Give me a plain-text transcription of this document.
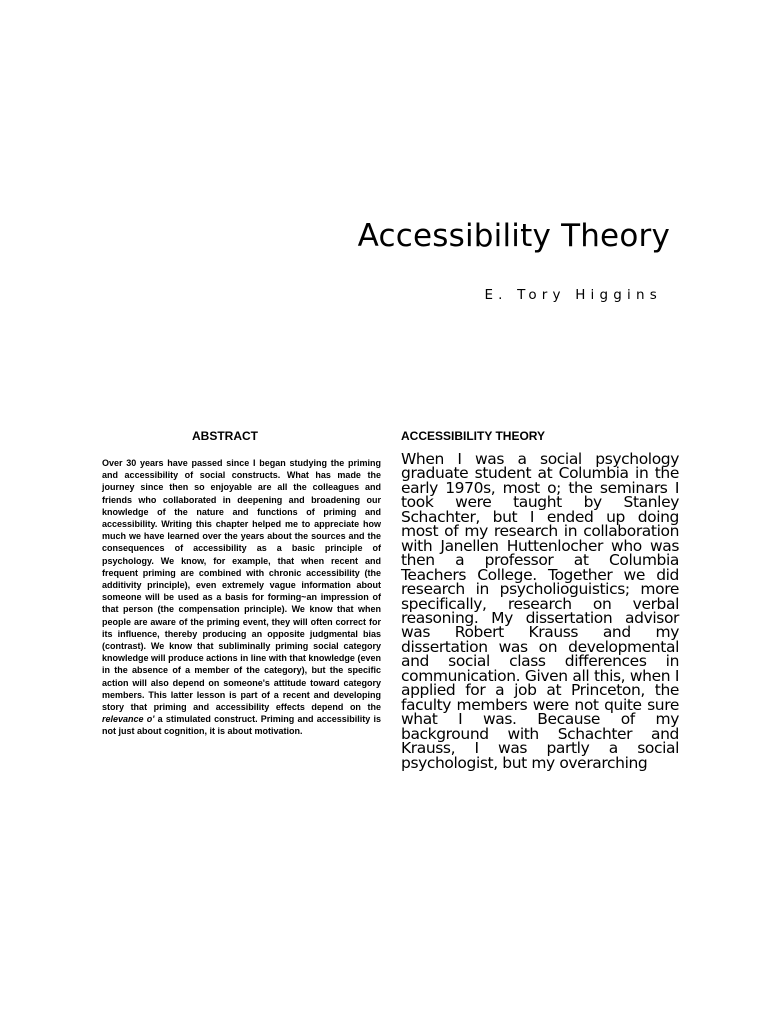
Accessibility Theory
E. Tory Higgins
ABSTRACT

Over 30 years have passed since I began studying the priming and accessibility of social constructs. What has made the journey since then so enjoyable are all the colleagues and friends who collaborated in deepening and broadening our knowledge of the nature and functions of priming and accessibility. Writing this chapter helped me to appreciate how much we have learned over the years about the sources and the consequences of accessibility as a basic principle of psychology. We know, for example, that when recent and frequent priming are combined with chronic accessibility (the additivity principle), even extremely vague information about someone will be used as a basis for forming~an impression of that person (the compensation principle). We know that when people are aware of the priming event, they will often correct for its influence, thereby producing an opposite judgmental bias (contrast). We know that subliminally priming social category knowledge will produce actions in line with that knowledge (even in the absence of a member of the category), but the specific action will also depend on someone's attitude toward category members. This latter lesson is part of a recent and developing story that priming and accessibility effects depend on the relevance o' a stimulated construct. Priming and accessibility is not just about cognition, it is about motivation.

ACCESSIBILITY THEORY

When I was a social psychology graduate student at Columbia in the early 1970s, most o; the seminars I took were taught by Stanley Schachter, but I ended up doing most of my research in collaboration with Janellen Huttenlocher who was then a professor at Columbia Teachers College. Together we did research in psycholioguistics; more specifically, research on verbal reasoning. My dissertation advisor was Robert Krauss and my dissertation was on developmental and social class differences in communication. Given all this, when I applied for a job at Princeton, the faculty members were not quite sure what I was. Because of my background with Schachter and Krauss, I was partly a social psychologist, but my overarching
